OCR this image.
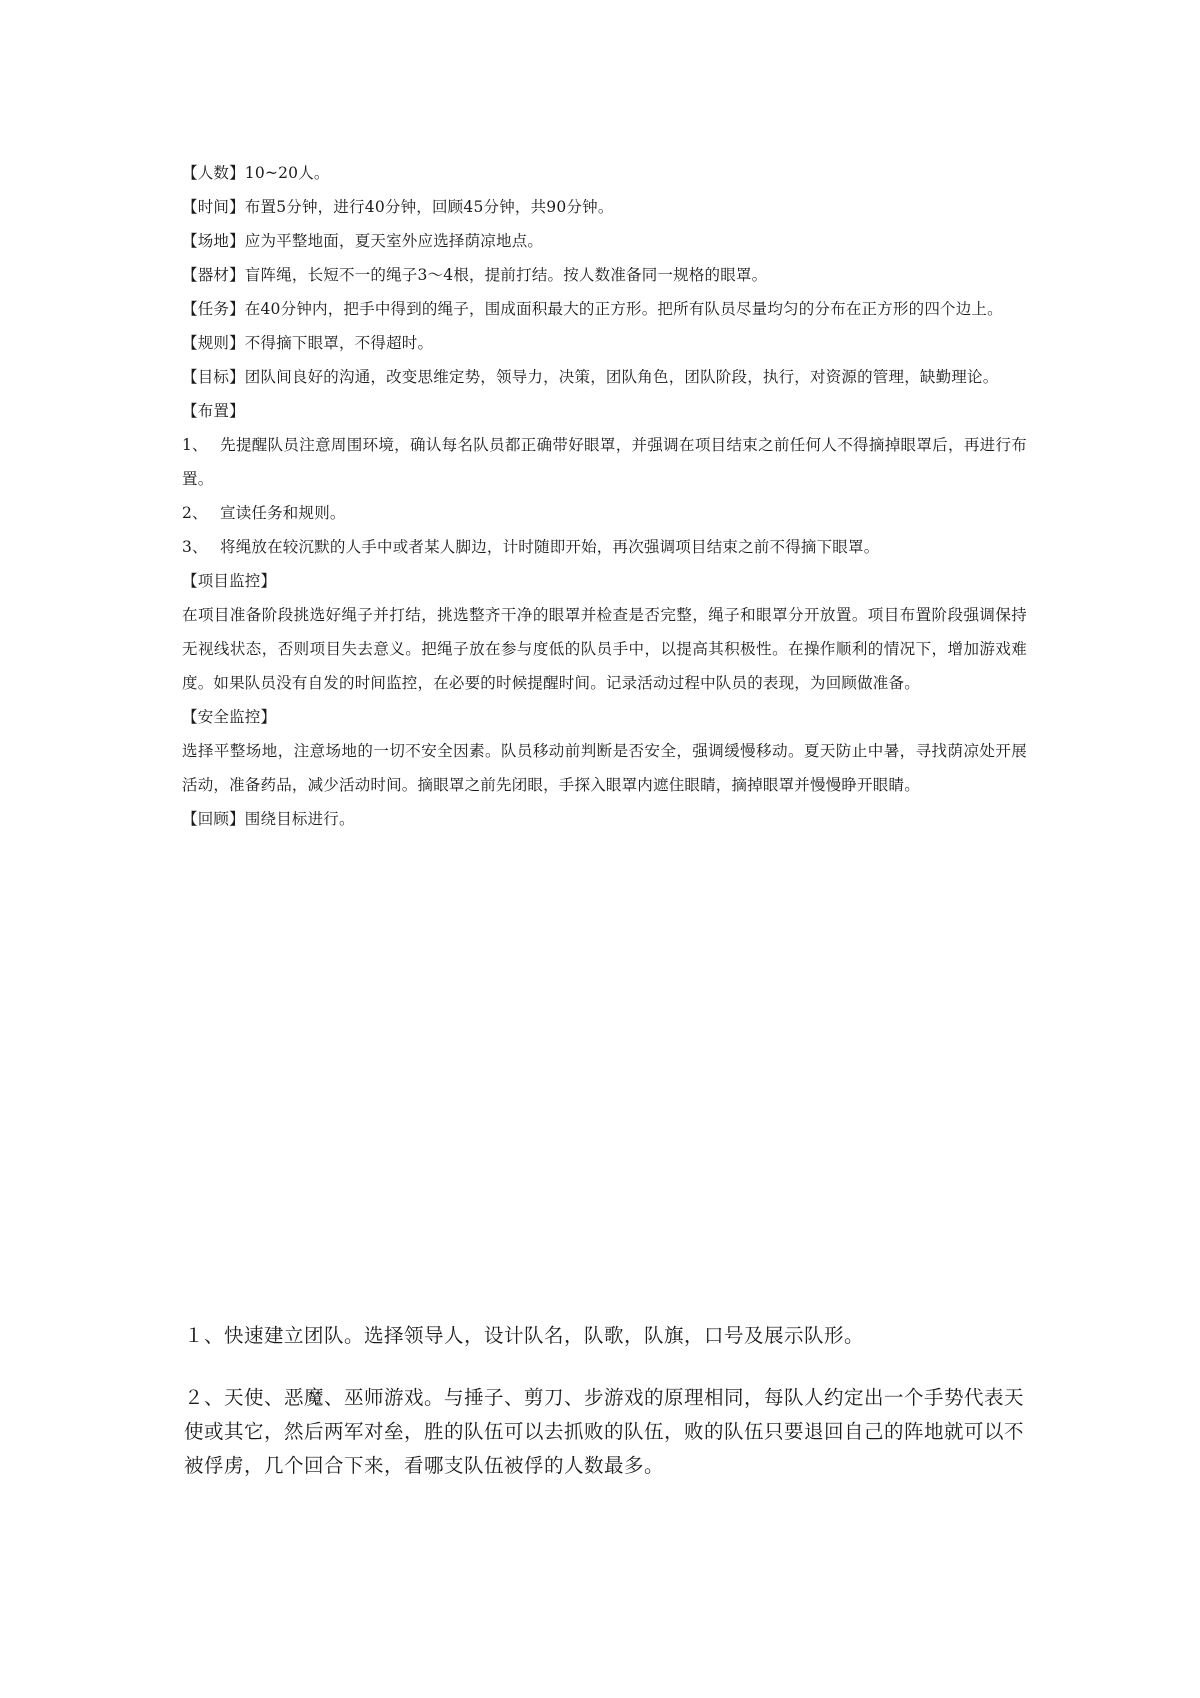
【人数】10~20人。

【时间】布置5分钟，进行40分钟，回顾45分钟，共90分钟。

【场地】应为平整地面，夏天室外应选择荫凉地点。

【器材】盲阵绳，长短不一的绳子3～4根，提前打结。按人数准备同一规格的眼罩。

【任务】在40分钟内，把手中得到的绳子，围成面积最大的正方形。把所有队员尽量均匀的分布在正方形的四个边上。

【规则】不得摘下眼罩，不得超时。

【目标】团队间良好的沟通，改变思维定势，领导力，决策，团队角色，团队阶段，执行，对资源的管理，缺勤理论。

【布置】

1、 先提醒队员注意周围环境，确认每名队员都正确带好眼罩，并强调在项目结束之前任何人不得摘掉眼罩后，再进行布置。

2、 宣读任务和规则。

3、 将绳放在较沉默的人手中或者某人脚边，计时随即开始，再次强调项目结束之前不得摘下眼罩。

【项目监控】

在项目准备阶段挑选好绳子并打结，挑选整齐干净的眼罩并检查是否完整，绳子和眼罩分开放置。项目布置阶段强调保持无视线状态，否则项目失去意义。把绳子放在参与度低的队员手中，以提高其积极性。在操作顺利的情况下，增加游戏难度。如果队员没有自发的时间监控，在必要的时候提醒时间。记录活动过程中队员的表现，为回顾做准备。

【安全监控】

选择平整场地，注意场地的一切不安全因素。队员移动前判断是否安全，强调缓慢移动。夏天防止中暑，寻找荫凉处开展活动，准备药品，减少活动时间。摘眼罩之前先闭眼，手探入眼罩内遮住眼睛，摘掉眼罩并慢慢睁开眼睛。

【回顾】围绕目标进行。

１、快速建立团队。选择领导人，设计队名，队歌，队旗，口号及展示队形。

２、天使、恶魔、巫师游戏。与捶子、剪刀、步游戏的原理相同，每队人约定出一个手势代表天使或其它，然后两军对垒，胜的队伍可以去抓败的队伍，败的队伍只要退回自己的阵地就可以不被俘虏，几个回合下来，看哪支队伍被俘的人数最多。
